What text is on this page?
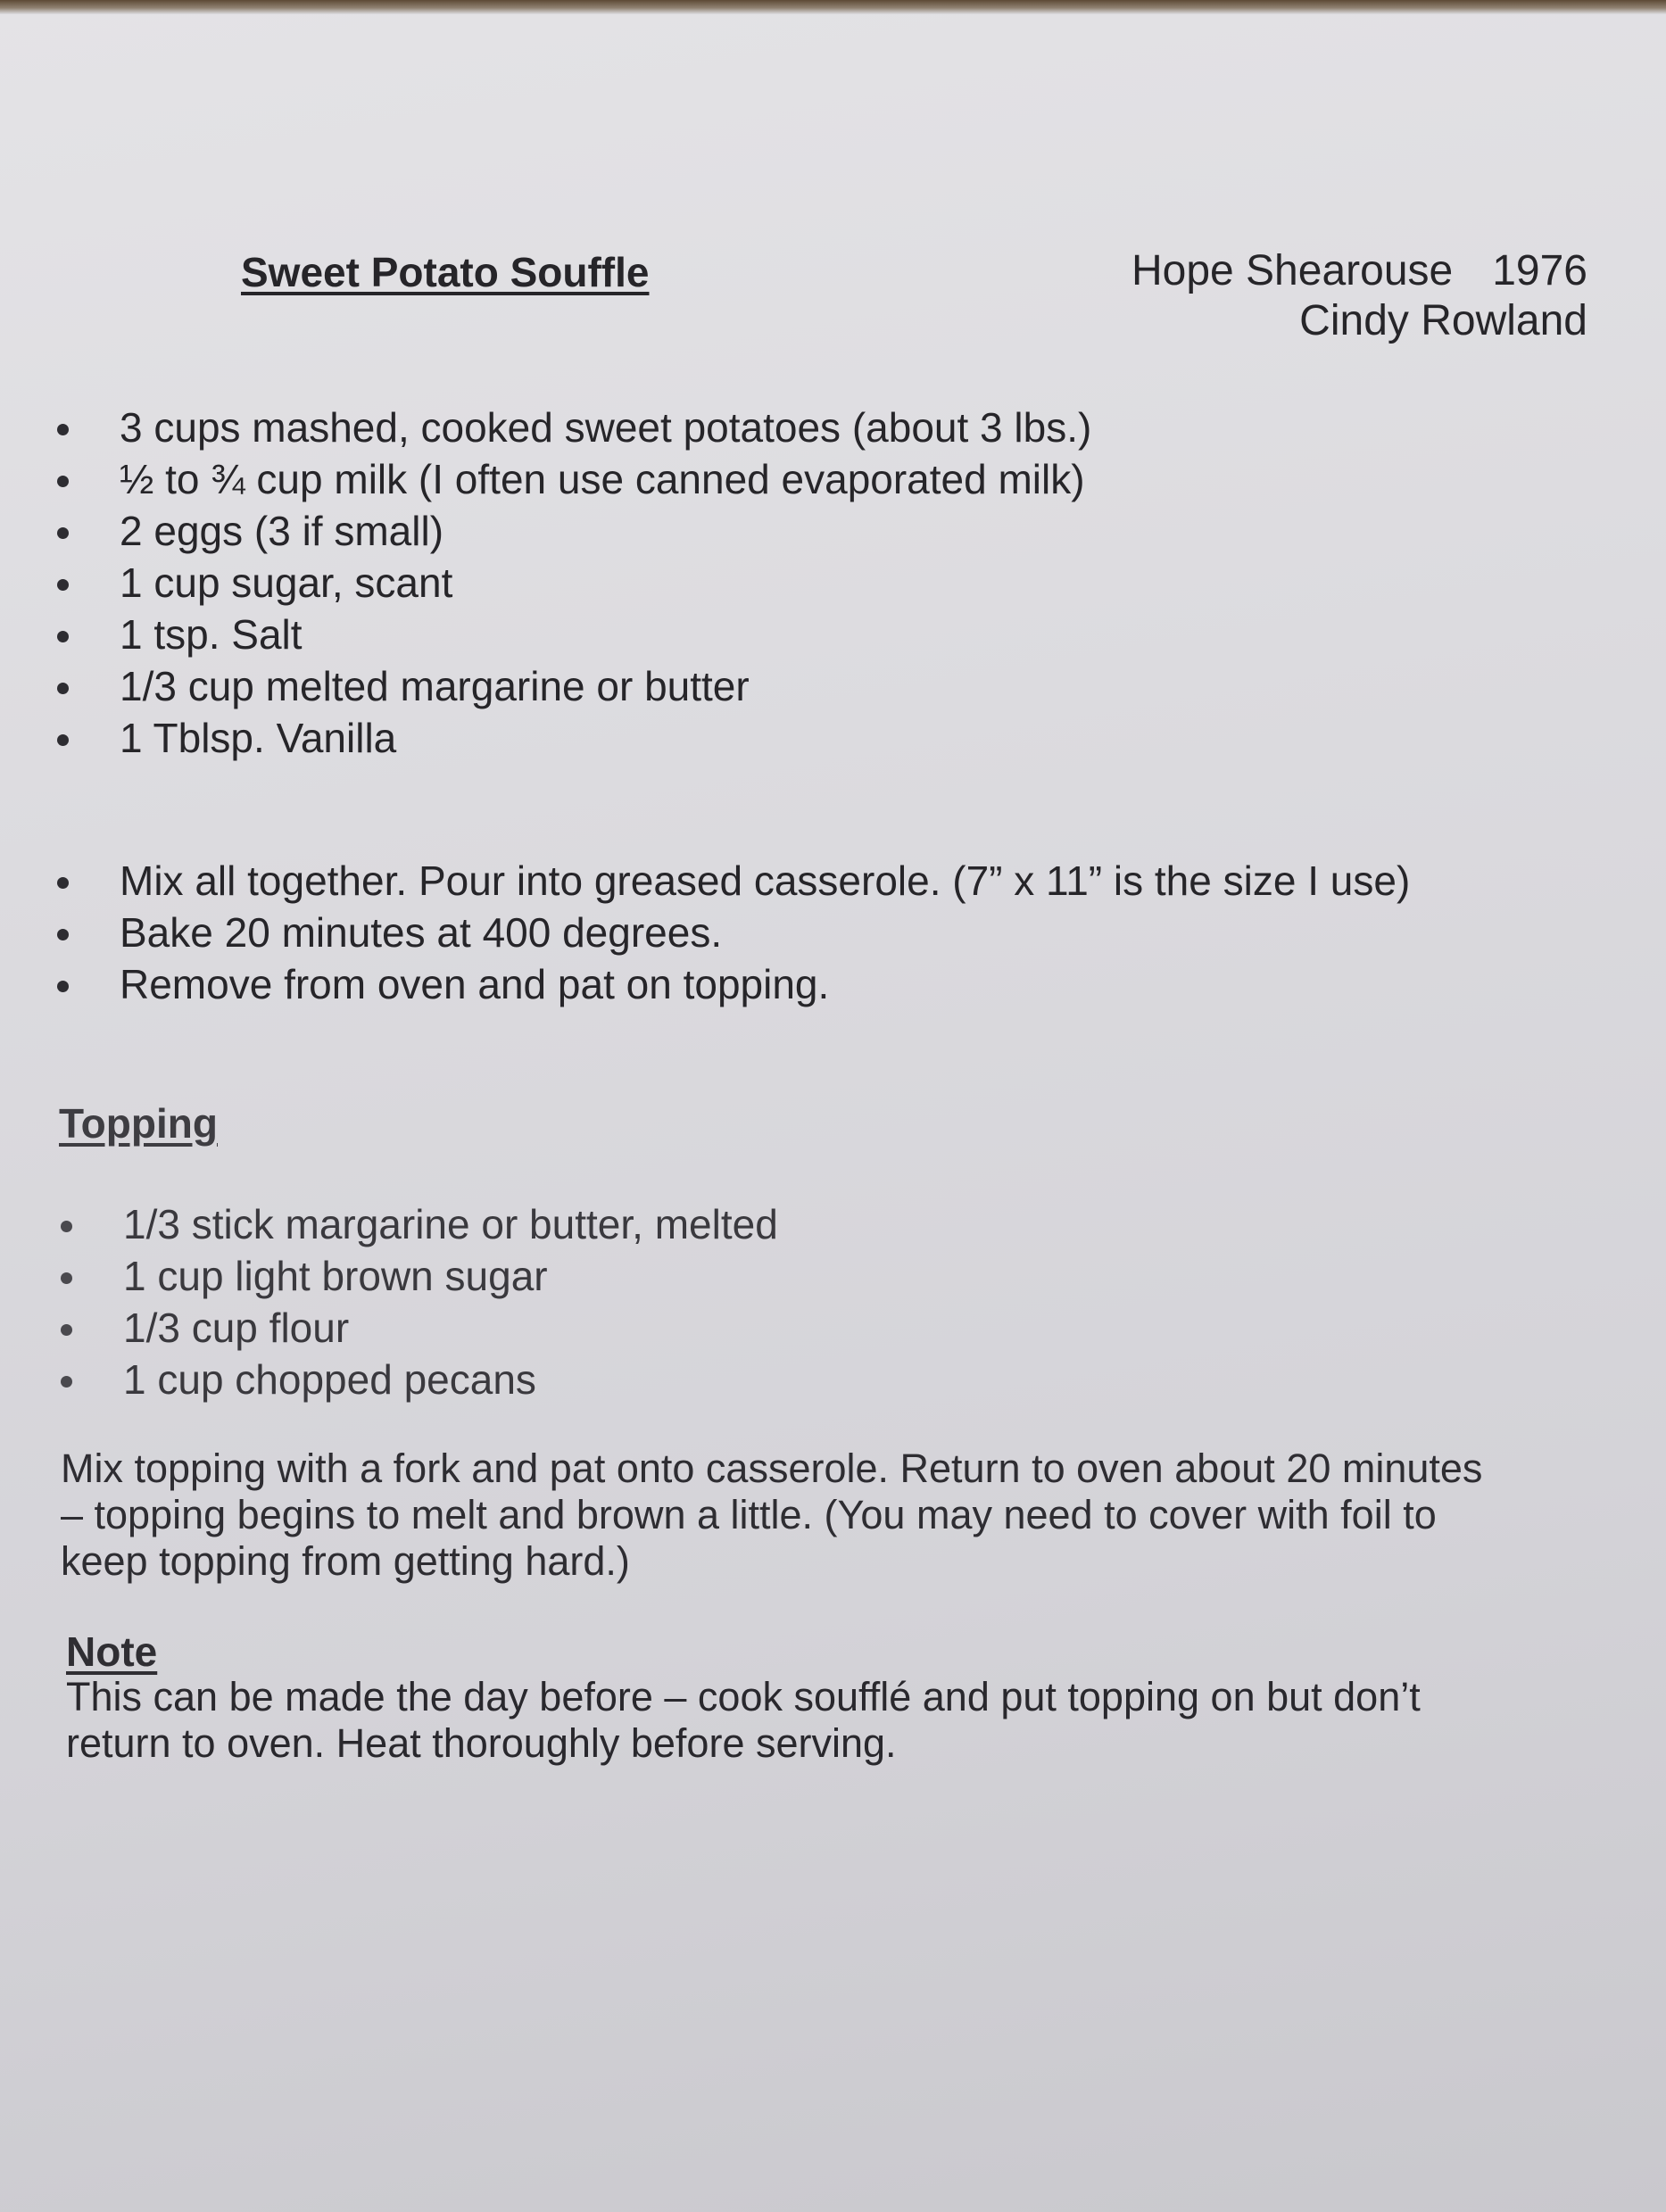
Sweet Potato Souffle	Hope Shearouse 1976
Cindy Rowland
3 cups mashed, cooked sweet potatoes (about 3 lbs.)
½ to ¾ cup milk (I often use canned evaporated milk)
2 eggs (3 if small)
1 cup sugar, scant
1 tsp. Salt
1/3 cup melted margarine or butter
1 Tblsp. Vanilla
Mix all together. Pour into greased casserole. (7” x 11” is the size I use)
Bake 20 minutes at 400 degrees.
Remove from oven and pat on topping.
Topping
1/3 stick margarine or butter, melted
1 cup light brown sugar
1/3 cup flour
1 cup chopped pecans
Mix topping with a fork and pat onto casserole. Return to oven about 20 minutes
– topping begins to melt and brown a little. (You may need to cover with foil to
keep topping from getting hard.)
Note
This can be made the day before – cook soufflé and put topping on but don’t
return to oven. Heat thoroughly before serving.
